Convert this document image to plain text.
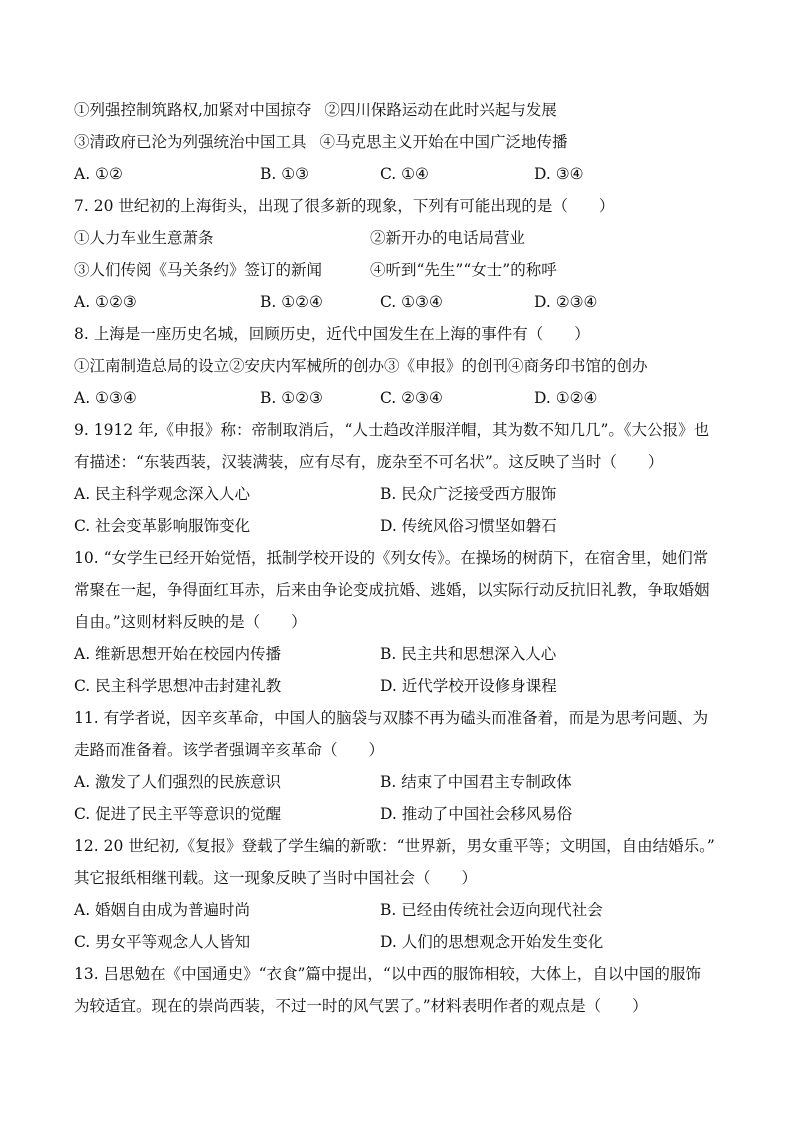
①列强控制筑路权,加紧对中国掠夺 ②四川保路运动在此时兴起与发展
③清政府已沦为列强统治中国工具 ④马克思主义开始在中国广泛地传播
A. ①②	B. ①③	C. ①④	D. ③④
7. 20 世纪初的上海街头，出现了很多新的现象，下列有可能出现的是（　　）
①人力车业生意萧条	②新开办的电话局营业
③人们传阅《马关条约》签订的新闻	④听到“先生”“女士”的称呼
A. ①②③	B. ①②④	C. ①③④	D. ②③④
8. 上海是一座历史名城，回顾历史，近代中国发生在上海的事件有（　　）
①江南制造总局的设立②安庆内军械所的创办③《申报》的创刊④商务印书馆的创办
A. ①③④	B. ①②③	C. ②③④	D. ①②④
9. 1912 年,《申报》称：帝制取消后，“人士趋改洋服洋帽，其为数不知几几”。《大公报》也
有描述：“东装西装，汉装满装，应有尽有，庞杂至不可名状”。这反映了当时（　　）
A. 民主科学观念深入人心	B. 民众广泛接受西方服饰
C. 社会变革影响服饰变化	D. 传统风俗习惯坚如磐石
10. “女学生已经开始觉悟，抵制学校开设的《列女传》。在操场的树荫下，在宿舍里，她们常
常聚在一起，争得面红耳赤，后来由争论变成抗婚、逃婚，以实际行动反抗旧礼教，争取婚姻
自由。”这则材料反映的是（　　）
A. 维新思想开始在校园内传播	B. 民主共和思想深入人心
C. 民主科学思想冲击封建礼教	D. 近代学校开设修身课程
11. 有学者说，因辛亥革命，中国人的脑袋与双膝不再为磕头而准备着，而是为思考问题、为
走路而准备着。该学者强调辛亥革命（　　）
A. 激发了人们强烈的民族意识	B. 结束了中国君主专制政体
C. 促进了民主平等意识的觉醒	D. 推动了中国社会移风易俗
12. 20 世纪初,《复报》登载了学生编的新歌：“世界新，男女重平等；文明国，自由结婚乐。”
其它报纸相继刊载。这一现象反映了当时中国社会（　　）
A. 婚姻自由成为普遍时尚	B. 已经由传统社会迈向现代社会
C. 男女平等观念人人皆知	D. 人们的思想观念开始发生变化
13. 吕思勉在《中国通史》“衣食”篇中提出，“以中西的服饰相较，大体上，自以中国的服饰
为较适宜。现在的崇尚西装，不过一时的风气罢了。”材料表明作者的观点是（　　）
